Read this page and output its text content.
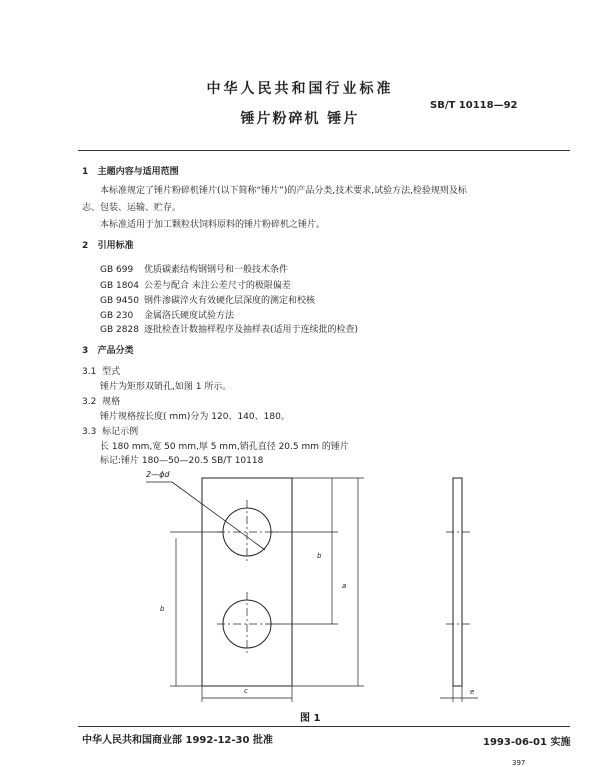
中华人民共和国行业标准
SB/T 10118—92
锤片粉碎机 锤片
1 主题内容与适用范围
本标准规定了锤片粉碎机锤片(以下简称“锤片”)的产品分类,技术要求,试验方法,检验规则及标
志、包装、运输、贮存。
本标准适用于加工颗粒状饲料原料的锤片粉碎机之锤片。
2 引用标准
GB 699 优质碳素结构钢钢号和一般技术条件
GB 1804 公差与配合 未注公差尺寸的极限偏差
GB 9450 钢件渗碳淬火有效硬化层深度的测定和校核
GB 230 金属洛氏硬度试验方法
GB 2828 逐批检查计数抽样程序及抽样表(适用于连续批的检查)
3 产品分类
3.1 型式
锤片为矩形双销孔,如图 1 所示。
3.2 规格
锤片规格按长度( mm)分为 120、140、180。
3.3 标记示例
长 180 mm,宽 50 mm,厚 5 mm,销孔直径 20.5 mm 的锤片
标记:锤片 180—50—20.5 SB/T 10118
2—ϕd
b
a
b
c	e
图 1
中华人民共和国商业部 1992-12-30 批准	1993-06-01 实施
397
